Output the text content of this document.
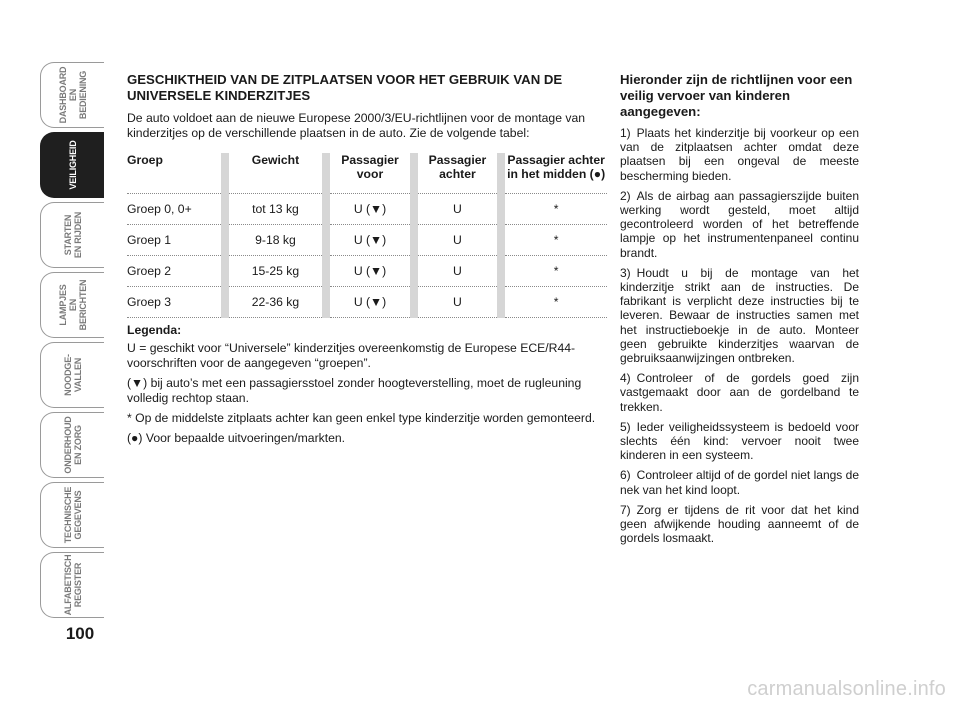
DASHBOARD
EN BEDIENING
VEILIGHEID
STARTEN
EN RIJDEN
LAMPJES
EN BERICHTEN
NOODGE-
VALLEN
ONDERHOUD
EN ZORG
TECHNISCHE
GEGEVENS
ALFABETISCH
REGISTER
100
GESCHIKTHEID VAN DE ZITPLAATSEN VOOR HET GEBRUIK VAN DE UNIVERSELE KINDERZITJES

De auto voldoet aan de nieuwe Europese 2000/3/EU-richtlijnen voor de montage van kinderzitjes op de verschillende plaatsen in de auto. Zie de volgende tabel:

Groep		Gewicht		Passagier voor		Passagier achter		Passagier achter in het midden (●)
Groep 0, 0+		tot 13 kg		U (▼)		U		*
Groep 1		9-18 kg		U (▼)		U		*
Groep 2		15-25 kg		U (▼)		U		*
Groep 3		22-36 kg		U (▼)		U		*

Legenda:

U = geschikt voor “Universele” kinderzitjes overeenkomstig de Europese ECE/R44-voorschriften voor de aangegeven “groepen”.

(▼) bij auto’s met een passagiersstoel zonder hoogteverstelling, moet de rugleuning volledig rechtop staan.

* Op de middelste zitplaats achter kan geen enkel type kinderzitje worden gemonteerd.

(●) Voor bepaalde uitvoeringen/markten.

Hieronder zijn de richtlijnen voor een veilig vervoer van kinderen aangegeven:

1) Plaats het kinderzitje bij voorkeur op een van de zitplaatsen achter omdat deze plaatsen bij een ongeval de meeste bescherming bieden.

2) Als de airbag aan passagierszijde buiten werking wordt gesteld, moet altijd gecontroleerd worden of het betreffende lampje op het instrumentenpaneel continu brandt.

3) Houdt u bij de montage van het kinderzitje strikt aan de instructies. De fabrikant is verplicht deze instructies bij te leveren. Bewaar de instructies samen met het instructieboekje in de auto. Monteer geen gebruikte kinderzitjes waarvan de gebruiksaanwijzingen ontbreken.

4) Controleer of de gordels goed zijn vastgemaakt door aan de gordelband te trekken.

5) Ieder veiligheidssysteem is bedoeld voor slechts één kind: vervoer nooit twee kinderen in een systeem.

6) Controleer altijd of de gordel niet langs de nek van het kind loopt.

7) Zorg er tijdens de rit voor dat het kind geen afwijkende houding aanneemt of de gordels losmaakt.

carmanualsonline.info
